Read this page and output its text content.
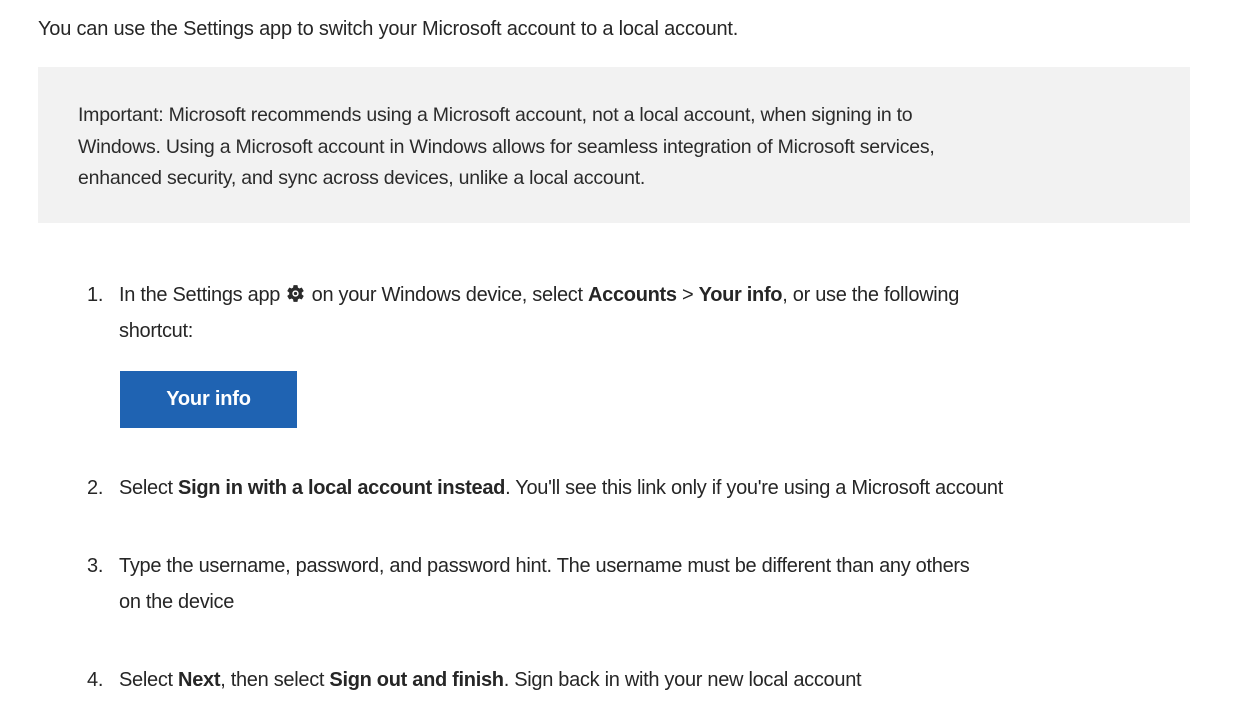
You can use the Settings app to switch your Microsoft account to a local account.

Important: Microsoft recommends using a Microsoft account, not a local account, when signing in to
Windows. Using a Microsoft account in Windows allows for seamless integration of Microsoft services,
enhanced security, and sync across devices, unlike a local account.
1. In the Settings app
on your Windows device, select Accounts > Your info, or use the following
shortcut:
Your info
2. Select Sign in with a local account instead. You'll see this link only if you're using a Microsoft account
3. Type the username, password, and password hint. The username must be different than any others
on the device
4. Select Next, then select Sign out and finish. Sign back in with your new local account
